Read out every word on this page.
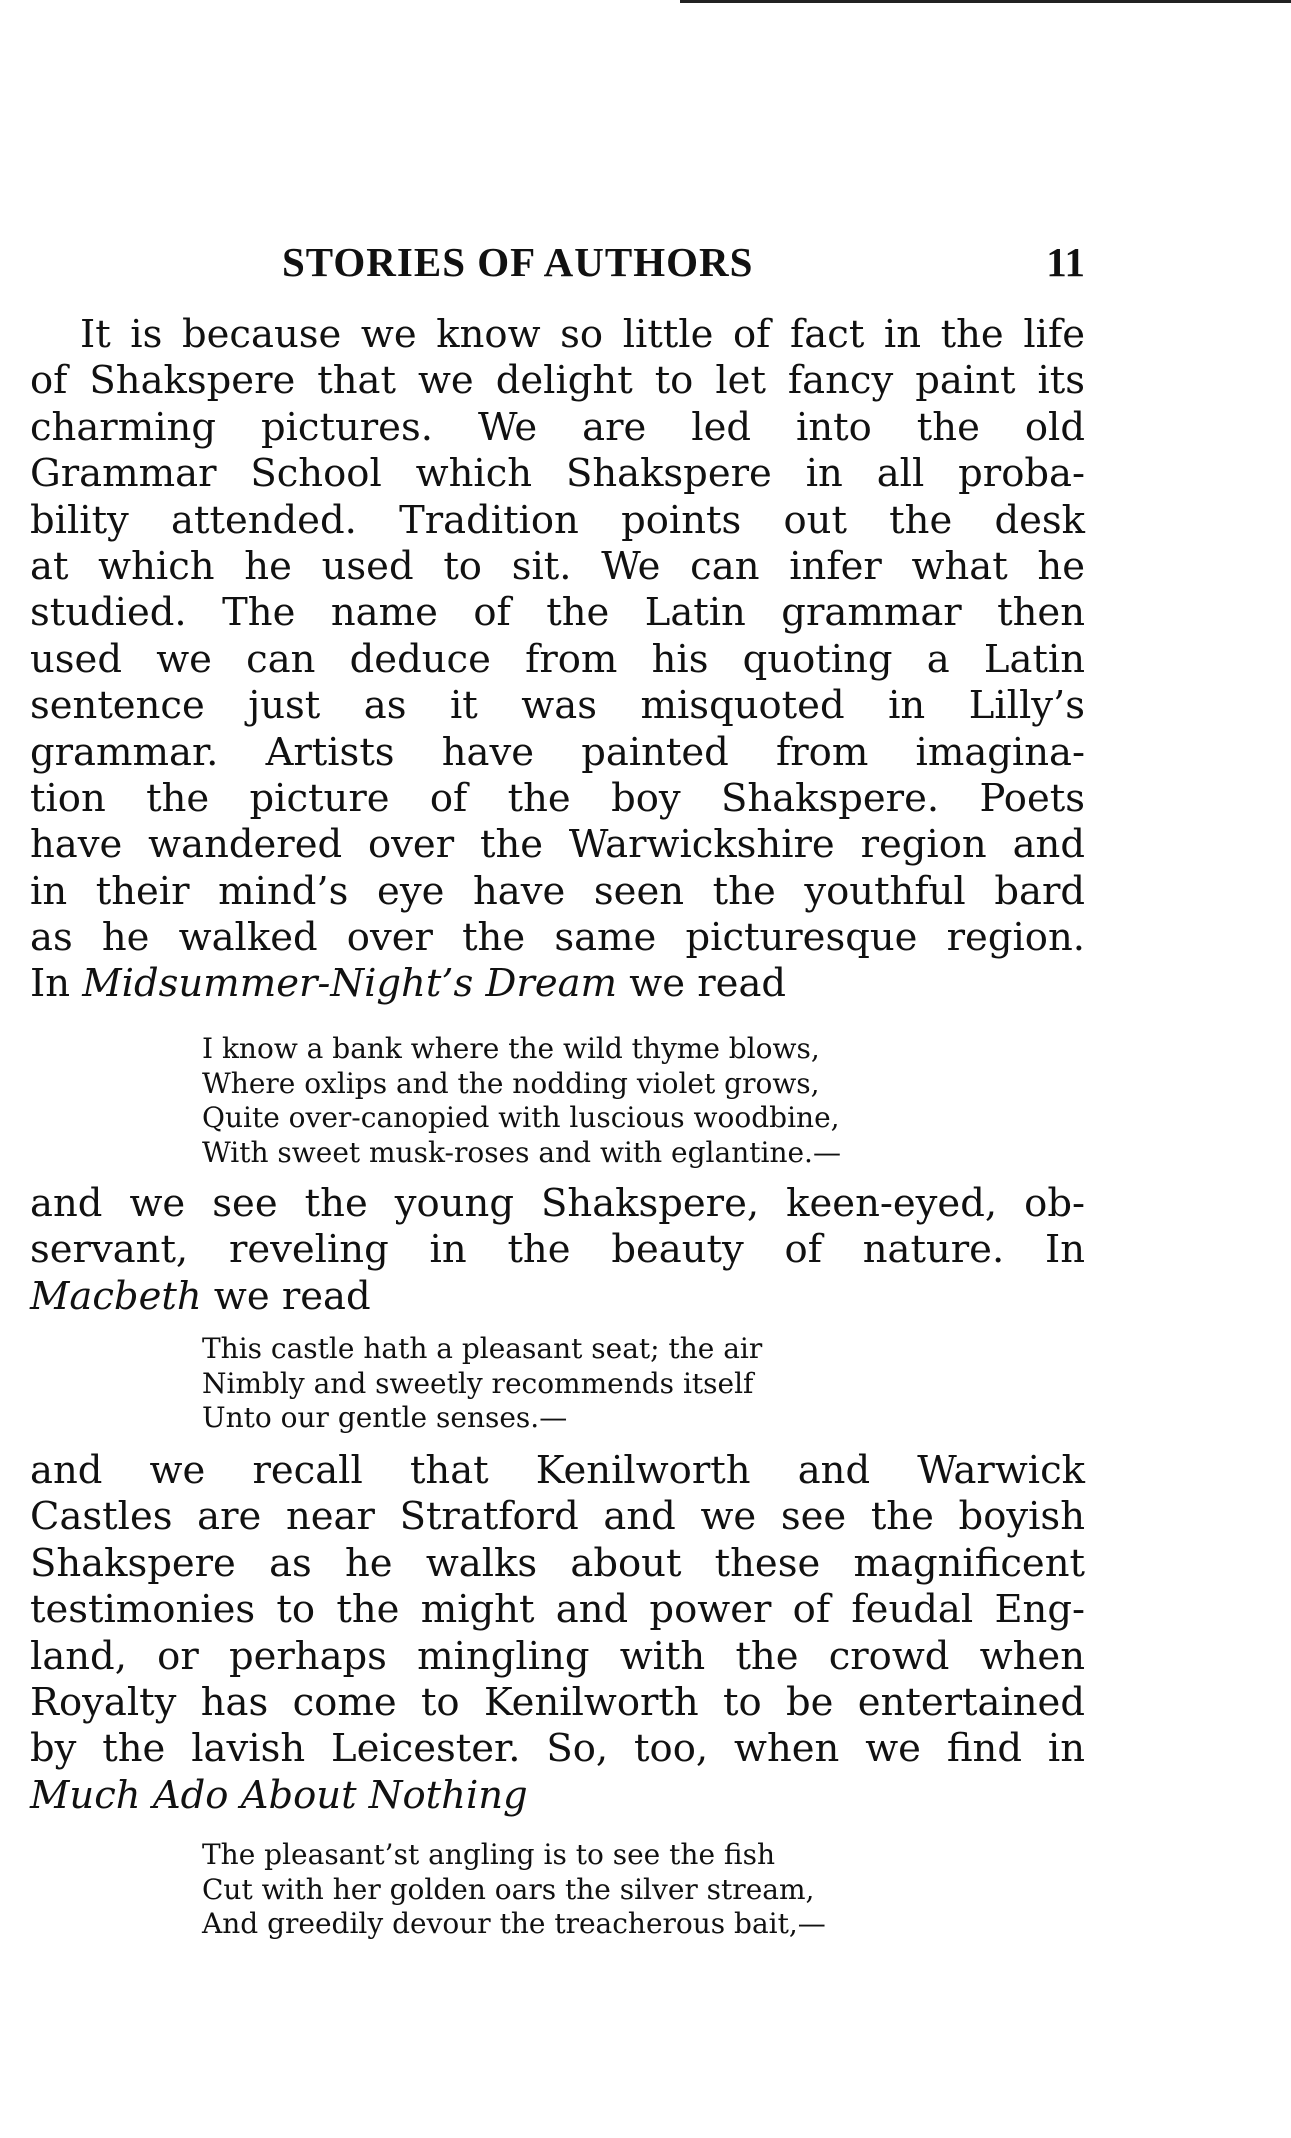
STORIES OF AUTHORS	11
It is because we know so little of fact in the life
of Shakspere that we delight to let fancy paint its
charming pictures. We are led into the old
Grammar School which Shakspere in all proba-
bility attended. Tradition points out the desk
at which he used to sit. We can infer what he
studied. The name of the Latin grammar then
used we can deduce from his quoting a Latin
sentence just as it was misquoted in Lilly’s
grammar. Artists have painted from imagina-
tion the picture of the boy Shakspere. Poets
have wandered over the Warwickshire region and
in their mind’s eye have seen the youthful bard
as he walked over the same picturesque region.
In Midsummer-Night’s Dream we read
I know a bank where the wild thyme blows,
Where oxlips and the nodding violet grows,
Quite over-canopied with luscious woodbine,
With sweet musk-roses and with eglantine.—
and we see the young Shakspere, keen-eyed, ob-
servant, reveling in the beauty of nature. In
Macbeth we read
This castle hath a pleasant seat; the air
Nimbly and sweetly recommends itself
Unto our gentle senses.—
and we recall that Kenilworth and Warwick
Castles are near Stratford and we see the boyish
Shakspere as he walks about these magnificent
testimonies to the might and power of feudal Eng-
land, or perhaps mingling with the crowd when
Royalty has come to Kenilworth to be entertained
by the lavish Leicester. So, too, when we find in
Much Ado About Nothing
The pleasant’st angling is to see the fish
Cut with her golden oars the silver stream,
And greedily devour the treacherous bait,—
